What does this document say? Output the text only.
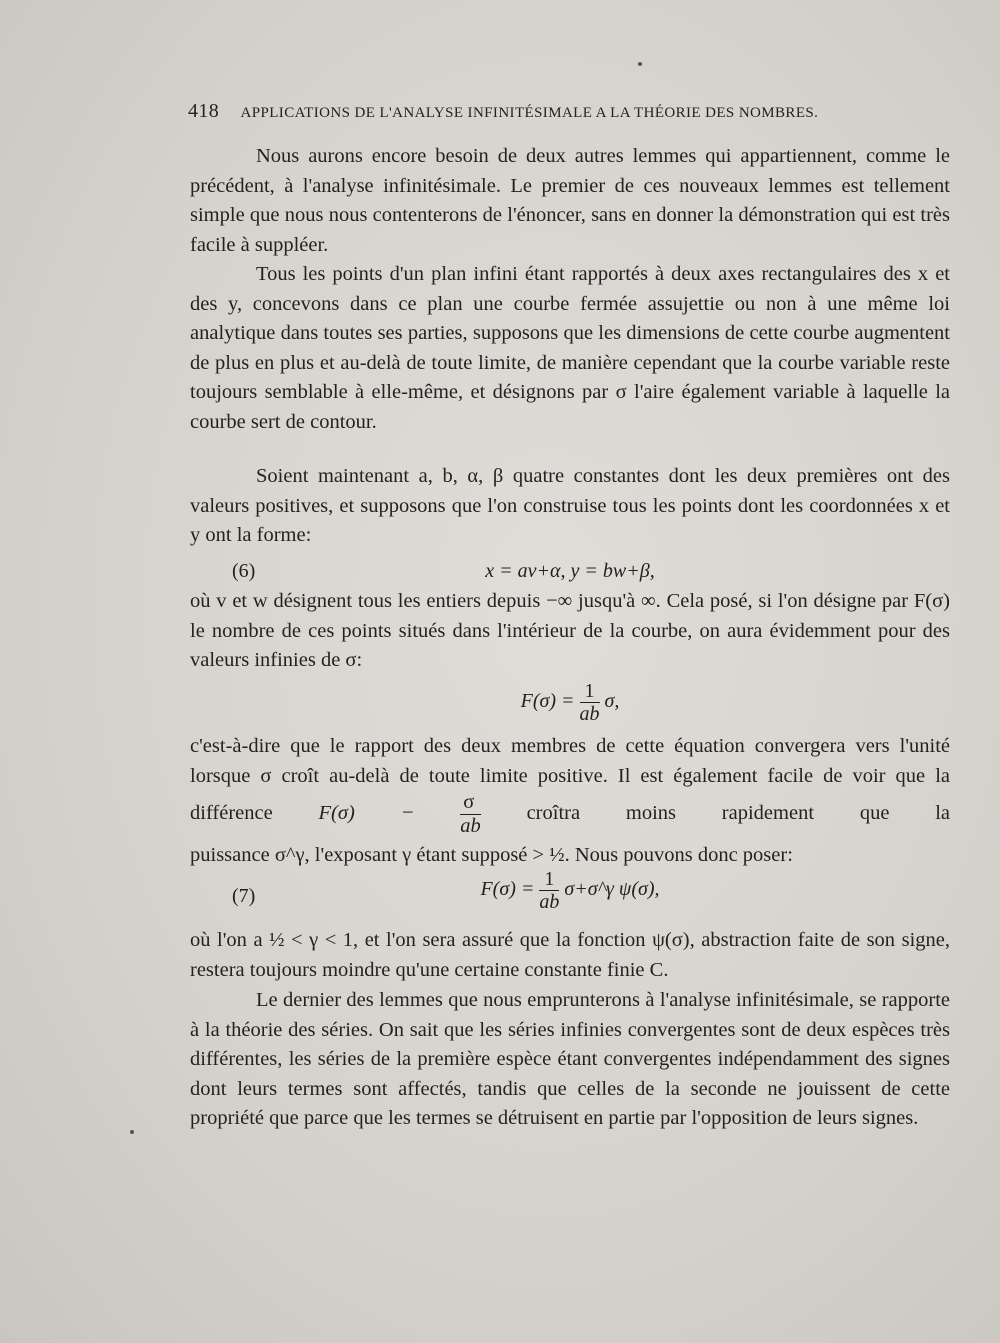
418 APPLICATIONS DE L'ANALYSE INFINITÉSIMALE A LA THÉORIE DES NOMBRES.

Nous aurons encore besoin de deux autres lemmes qui appartiennent, comme le précédent, à l'analyse infinitésimale. Le premier de ces nouveaux lemmes est tellement simple que nous nous contenterons de l'énoncer, sans en donner la démonstration qui est très facile à suppléer.

Tous les points d'un plan infini étant rapportés à deux axes rectangulaires des x et des y, concevons dans ce plan une courbe fermée assujettie ou non à une même loi analytique dans toutes ses parties, supposons que les dimensions de cette courbe augmentent de plus en plus et au-delà de toute limite, de manière cependant que la courbe variable reste toujours semblable à elle-même, et désignons par σ l'aire également variable à laquelle la courbe sert de contour.

Soient maintenant a, b, α, β quatre constantes dont les deux premières ont des valeurs positives, et supposons que l'on construise tous les points dont les coordonnées x et y ont la forme:

(6)	x = av+α, y = bw+β,

où v et w désignent tous les entiers depuis −∞ jusqu'à ∞. Cela posé, si l'on désigne par F(σ) le nombre de ces points situés dans l'intérieur de la courbe, on aura évidemment pour des valeurs infinies de σ:

$F(\sigma) = \frac{1}{ab} \sigma$,

c'est-à-dire que le rapport des deux membres de cette équation convergera vers l'unité lorsque σ croît au-delà de toute limite positive. Il est également facile de voir que la différence $F(\sigma) - \frac{\sigma}{ab}$ croîtra moins rapidement que la

puissance σ^γ, l'exposant γ étant supposé > ½. Nous pouvons donc poser:

(7)	$F(\sigma) = \frac{1}{ab}$ σ+σ^γ ψ(σ),

où l'on a ½ < γ < 1, et l'on sera assuré que la fonction ψ(σ), abstraction faite de son signe, restera toujours moindre qu'une certaine constante finie C.

Le dernier des lemmes que nous emprunterons à l'analyse infinitésimale, se rapporte à la théorie des séries. On sait que les séries infinies convergentes sont de deux espèces très différentes, les séries de la première espèce étant convergentes indépendamment des signes dont leurs termes sont affectés, tandis que celles de la seconde ne jouissent de cette propriété que parce que les termes se détruisent en partie par l'opposition de leurs signes.
